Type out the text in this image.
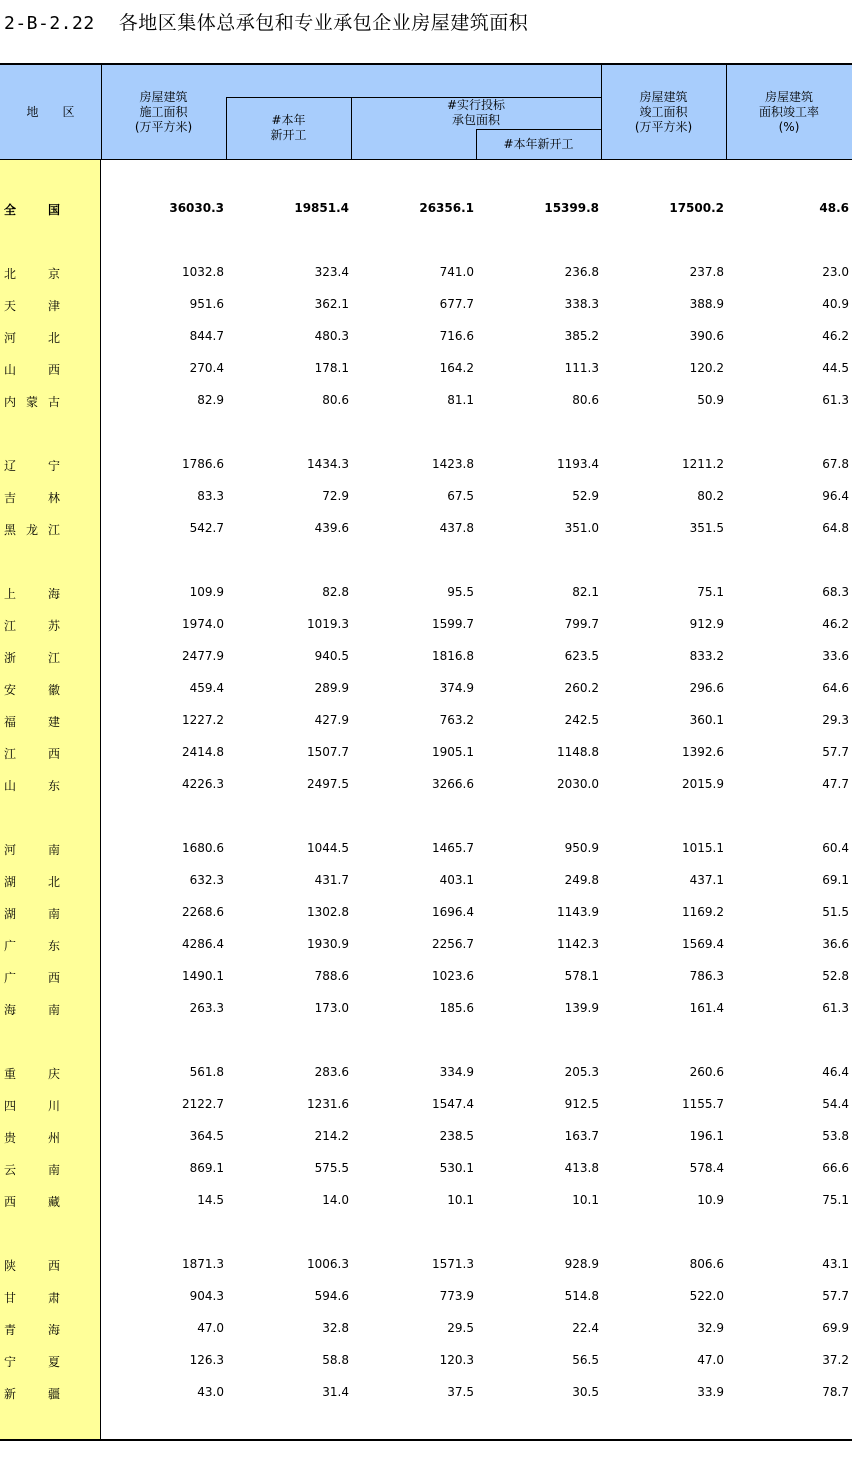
2-B-2.22 各地区集体总承包和专业承包企业房屋建筑面积
地　　区
房屋建筑
施工面积
(万平方米)	#本年
新开工
#实行投标
承包面积
#本年新开工
房屋建筑
竣工面积
(万平方米)
房屋建筑
面积竣工率
(%)
全	国	36030.3	19851.4	26356.1	15399.8	17500.2	48.6
北	京	1032.8	323.4	741.0	236.8	237.8	23.0
天	津	951.6	362.1	677.7	338.3	388.9	40.9
河	北	844.7	480.3	716.6	385.2	390.6	46.2
山	西	270.4	178.1	164.2	111.3	120.2	44.5
内 蒙 古	82.9	80.6	81.1	80.6	50.9	61.3
辽	宁	1786.6	1434.3	1423.8	1193.4	1211.2	67.8
吉	林	83.3	72.9	67.5	52.9	80.2	96.4
黑 龙 江	542.7	439.6	437.8	351.0	351.5	64.8
上	海	109.9	82.8	95.5	82.1	75.1	68.3
江	苏	1974.0	1019.3	1599.7	799.7	912.9	46.2
浙	江	2477.9	940.5	1816.8	623.5	833.2	33.6
安	徽	459.4	289.9	374.9	260.2	296.6	64.6
福	建	1227.2	427.9	763.2	242.5	360.1	29.3
江	西	2414.8	1507.7	1905.1	1148.8	1392.6	57.7
山	东	4226.3	2497.5	3266.6	2030.0	2015.9	47.7
河	南	1680.6	1044.5	1465.7	950.9	1015.1	60.4
湖	北	632.3	431.7	403.1	249.8	437.1	69.1
湖	南	2268.6	1302.8	1696.4	1143.9	1169.2	51.5
广	东	4286.4	1930.9	2256.7	1142.3	1569.4	36.6
广	西	1490.1	788.6	1023.6	578.1	786.3	52.8
海	南	263.3	173.0	185.6	139.9	161.4	61.3
重	庆	561.8	283.6	334.9	205.3	260.6	46.4
四	川	2122.7	1231.6	1547.4	912.5	1155.7	54.4
贵	州	364.5	214.2	238.5	163.7	196.1	53.8
云	南	869.1	575.5	530.1	413.8	578.4	66.6
西	藏	14.5	14.0	10.1	10.1	10.9	75.1
陕	西	1871.3	1006.3	1571.3	928.9	806.6	43.1
甘	肃	904.3	594.6	773.9	514.8	522.0	57.7
青	海	47.0	32.8	29.5	22.4	32.9	69.9
宁	夏	126.3	58.8	120.3	56.5	47.0	37.2
新	疆	43.0	31.4	37.5	30.5	33.9	78.7
